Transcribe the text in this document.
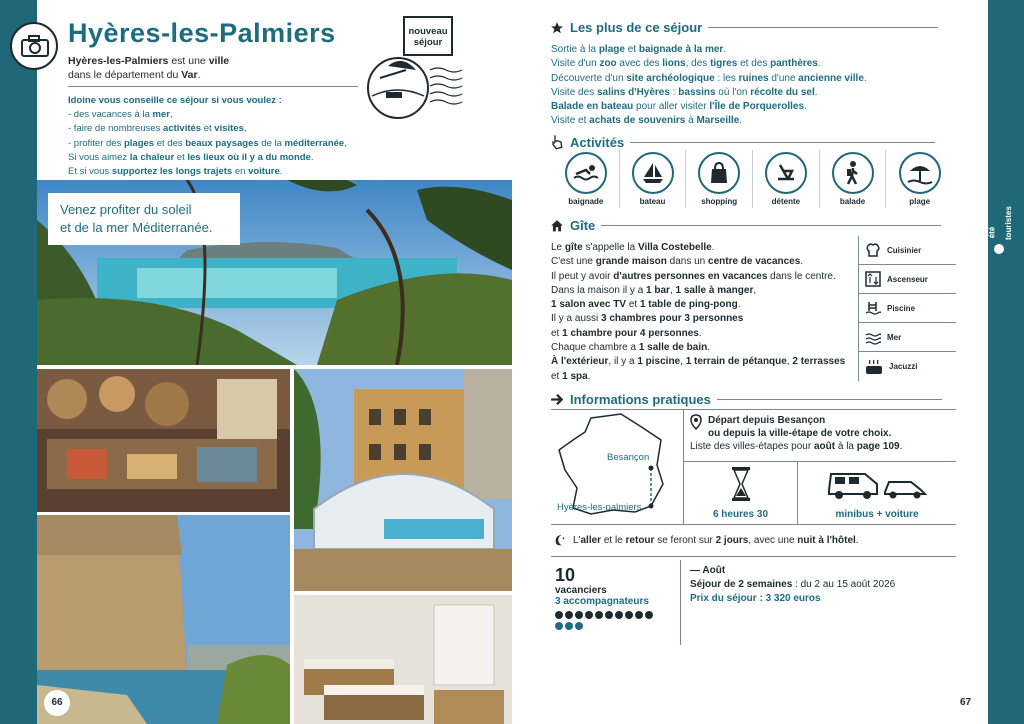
Hyères-les-Palmiers
Hyères-les-Palmiers est une ville
dans le département du Var.
nouveau
séjour
Idoine vous conseille ce séjour si vous voulez :
- des vacances à la mer,
- faire de nombreuses activités et visites,
- profiter des plages et des beaux paysages de la méditerranée,
Si vous aimez la chaleur et les lieux où il y a du monde.
Et si vous supportez les longs trajets en voiture.
Venez profiter du soleil
et de la mer Méditerranée.
66
Les plus de ce séjour
Sortie à la plage et baignade à la mer.
Visite d'un zoo avec des lions, des tigres et des panthères.
Découverte d'un site archéologique : les ruines d'une ancienne ville.
Visite des salins d'Hyères : bassins où l'on récolte du sel.
Balade en bateau pour aller visiter l'Île de Porquerolles.
Visite et achats de souvenirs à Marseille.
Activités
baignade	bateau	shopping	détente	balade	plage
Gîte
Le gîte s'appelle la Villa Costebelle.
C'est une grande maison dans un centre de vacances.
Il peut y avoir d'autres personnes en vacances dans le centre.
Dans la maison il y a 1 bar, 1 salle à manger,
1 salon avec TV et 1 table de ping-pong.
Il y a aussi 3 chambres pour 3 personnes
et 1 chambre pour 4 personnes.
Chaque chambre a 1 salle de bain.
À l'extérieur, il y a 1 piscine, 1 terrain de pétanque, 2 terrasses
et 1 spa.
Cuisinier
Ascenseur
Piscine
Mer
Jacuzzi
Informations pratiques
Besançon
Hyères-les-palmiers
Départ depuis Besançon
ou depuis la ville-étape de votre choix.
Liste des villes-étapes pour août à la page 109.
6 heures 30	minibus + voiture
L'aller et le retour se feront sur 2 jours, avec une nuit à l'hôtel.
10
vacanciers
3 accompagnateurs
— Août
Séjour de 2 semaines : du 2 au 15 août 2026
Prix du séjour : 3 320 euros
67
été touristes
